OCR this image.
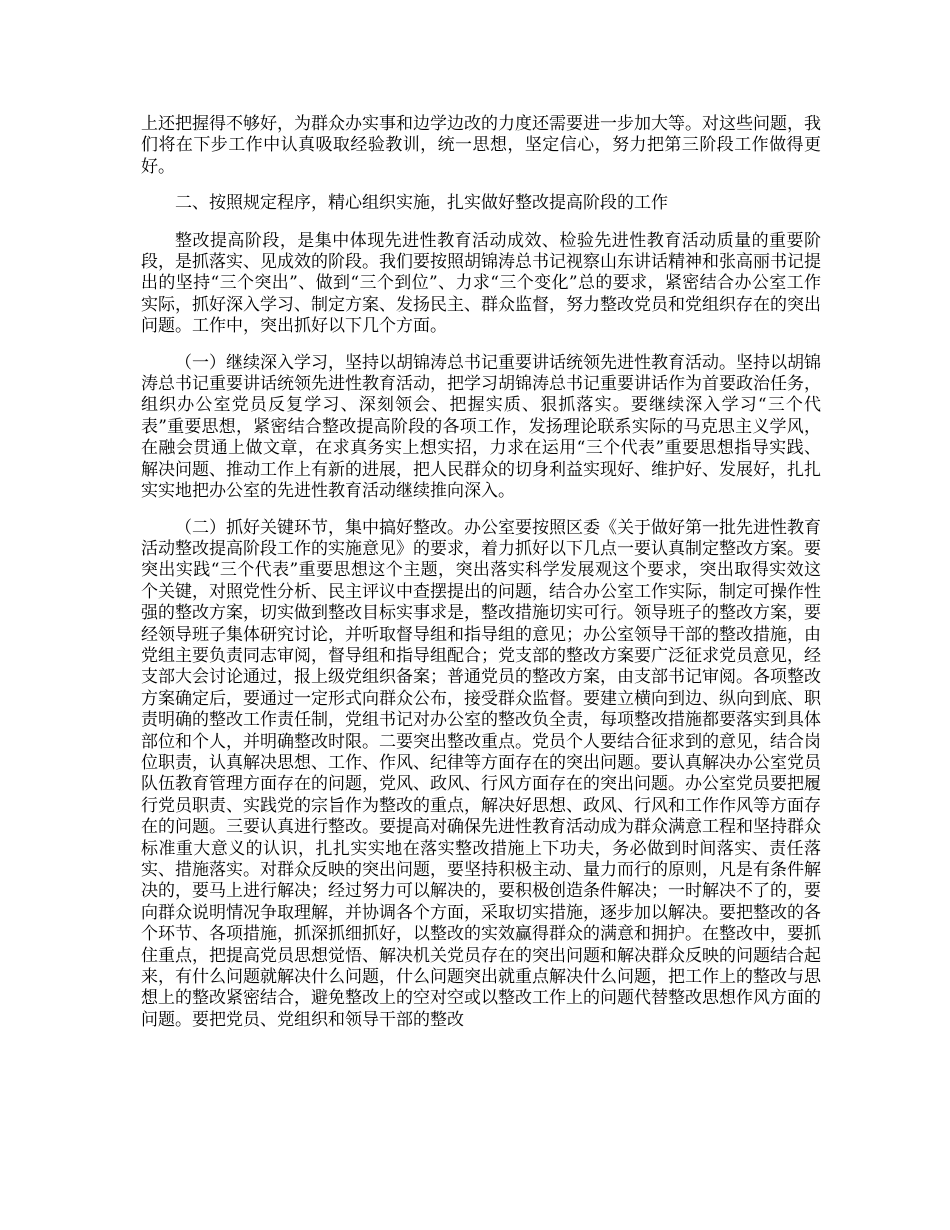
上还把握得不够好，为群众办实事和边学边改的力度还需要进一步加大等。对这些问题，我们将在下步工作中认真吸取经验教训，统一思想，坚定信心，努力把第三阶段工作做得更好。

二、按照规定程序，精心组织实施，扎实做好整改提高阶段的工作

整改提高阶段，是集中体现先进性教育活动成效、检验先进性教育活动质量的重要阶段，是抓落实、见成效的阶段。我们要按照胡锦涛总书记视察山东讲话精神和张高丽书记提出的坚持“三个突出”、做到“三个到位”、力求“三个变化”总的要求，紧密结合办公室工作实际，抓好深入学习、制定方案、发扬民主、群众监督，努力整改党员和党组织存在的突出问题。工作中，突出抓好以下几个方面。

（一）继续深入学习，坚持以胡锦涛总书记重要讲话统领先进性教育活动。坚持以胡锦涛总书记重要讲话统领先进性教育活动，把学习胡锦涛总书记重要讲话作为首要政治任务，组织办公室党员反复学习、深刻领会、把握实质、狠抓落实。要继续深入学习“三个代表”重要思想，紧密结合整改提高阶段的各项工作，发扬理论联系实际的马克思主义学风，在融会贯通上做文章，在求真务实上想实招，力求在运用“三个代表”重要思想指导实践、解决问题、推动工作上有新的进展，把人民群众的切身利益实现好、维护好、发展好，扎扎实实地把办公室的先进性教育活动继续推向深入。

（二）抓好关键环节，集中搞好整改。办公室要按照区委《关于做好第一批先进性教育活动整改提高阶段工作的实施意见》的要求，着力抓好以下几点一要认真制定整改方案。要突出实践“三个代表”重要思想这个主题，突出落实科学发展观这个要求，突出取得实效这个关键，对照党性分析、民主评议中查摆提出的问题，结合办公室工作实际，制定可操作性强的整改方案，切实做到整改目标实事求是，整改措施切实可行。领导班子的整改方案，要经领导班子集体研究讨论，并听取督导组和指导组的意见；办公室领导干部的整改措施，由党组主要负责同志审阅，督导组和指导组配合；党支部的整改方案要广泛征求党员意见，经支部大会讨论通过，报上级党组织备案；普通党员的整改方案，由支部书记审阅。各项整改方案确定后，要通过一定形式向群众公布，接受群众监督。要建立横向到边、纵向到底、职责明确的整改工作责任制，党组书记对办公室的整改负全责，每项整改措施都要落实到具体部位和个人，并明确整改时限。二要突出整改重点。党员个人要结合征求到的意见，结合岗位职责，认真解决思想、工作、作风、纪律等方面存在的突出问题。要认真解决办公室党员队伍教育管理方面存在的问题，党风、政风、行风方面存在的突出问题。办公室党员要把履行党员职责、实践党的宗旨作为整改的重点，解决好思想、政风、行风和工作作风等方面存在的问题。三要认真进行整改。要提高对确保先进性教育活动成为群众满意工程和坚持群众标准重大意义的认识，扎扎实实地在落实整改措施上下功夫，务必做到时间落实、责任落实、措施落实。对群众反映的突出问题，要坚持积极主动、量力而行的原则，凡是有条件解决的，要马上进行解决；经过努力可以解决的，要积极创造条件解决；一时解决不了的，要向群众说明情况争取理解，并协调各个方面，采取切实措施，逐步加以解决。要把整改的各个环节、各项措施，抓深抓细抓好，以整改的实效赢得群众的满意和拥护。在整改中，要抓住重点，把提高党员思想觉悟、解决机关党员存在的突出问题和解决群众反映的问题结合起来，有什么问题就解决什么问题，什么问题突出就重点解决什么问题，把工作上的整改与思想上的整改紧密结合，避免整改上的空对空或以整改工作上的问题代替整改思想作风方面的问题。要把党员、党组织和领导干部的整改
